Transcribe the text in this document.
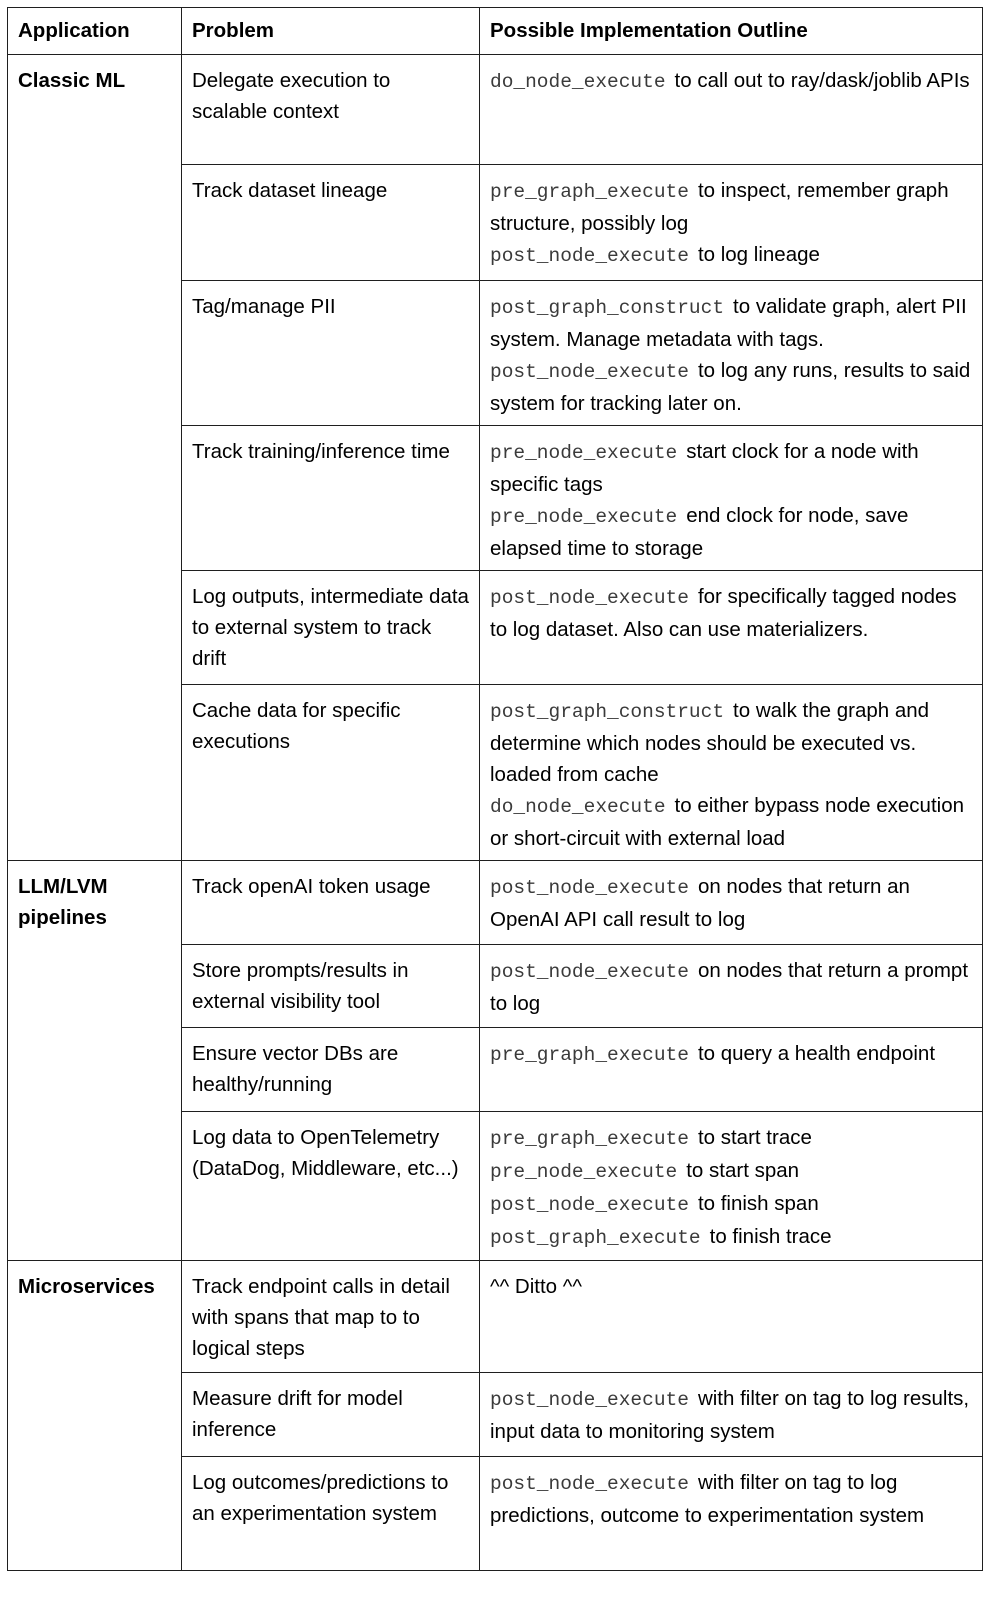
Application	Problem	Possible Implementation Outline
Classic ML	Delegate execution to scalable context	do_node_execute to call out to ray/dask/joblib APIs

	Track dataset lineage	pre_graph_execute to inspect, remember graph structure, possibly log
post_node_execute to log lineage

	Tag/manage PII	post_graph_construct to validate graph, alert PII system. Manage metadata with tags.
post_node_execute to log any runs, results to said system for tracking later on.

	Track training/inference time	pre_node_execute start clock for a node with specific tags
pre_node_execute end clock for node, save elapsed time to storage

	Log outputs, intermediate data to external system to track drift	post_node_execute for specifically tagged nodes to log dataset. Also can use materializers.

	Cache data for specific executions	post_graph_construct to walk the graph and determine which nodes should be executed vs. loaded from cache
do_node_execute to either bypass node execution or short-circuit with external load

LLM/LVM pipelines	Track openAI token usage	post_node_execute on nodes that return an OpenAI API call result to log

	Store prompts/results in external visibility tool	post_node_execute on nodes that return a prompt to log

	Ensure vector DBs are healthy/running	pre_graph_execute to query a health endpoint

	Log data to OpenTelemetry (DataDog, Middleware, etc...)	pre_graph_execute to start trace
pre_node_execute to start span
post_node_execute to finish span
post_graph_execute to finish trace

Microservices	Track endpoint calls in detail with spans that map to to logical steps	^^ Ditto ^^

	Measure drift for model inference	post_node_execute with filter on tag to log results, input data to monitoring system

	Log outcomes/predictions to an experimentation system	post_node_execute with filter on tag to log predictions, outcome to experimentation system
